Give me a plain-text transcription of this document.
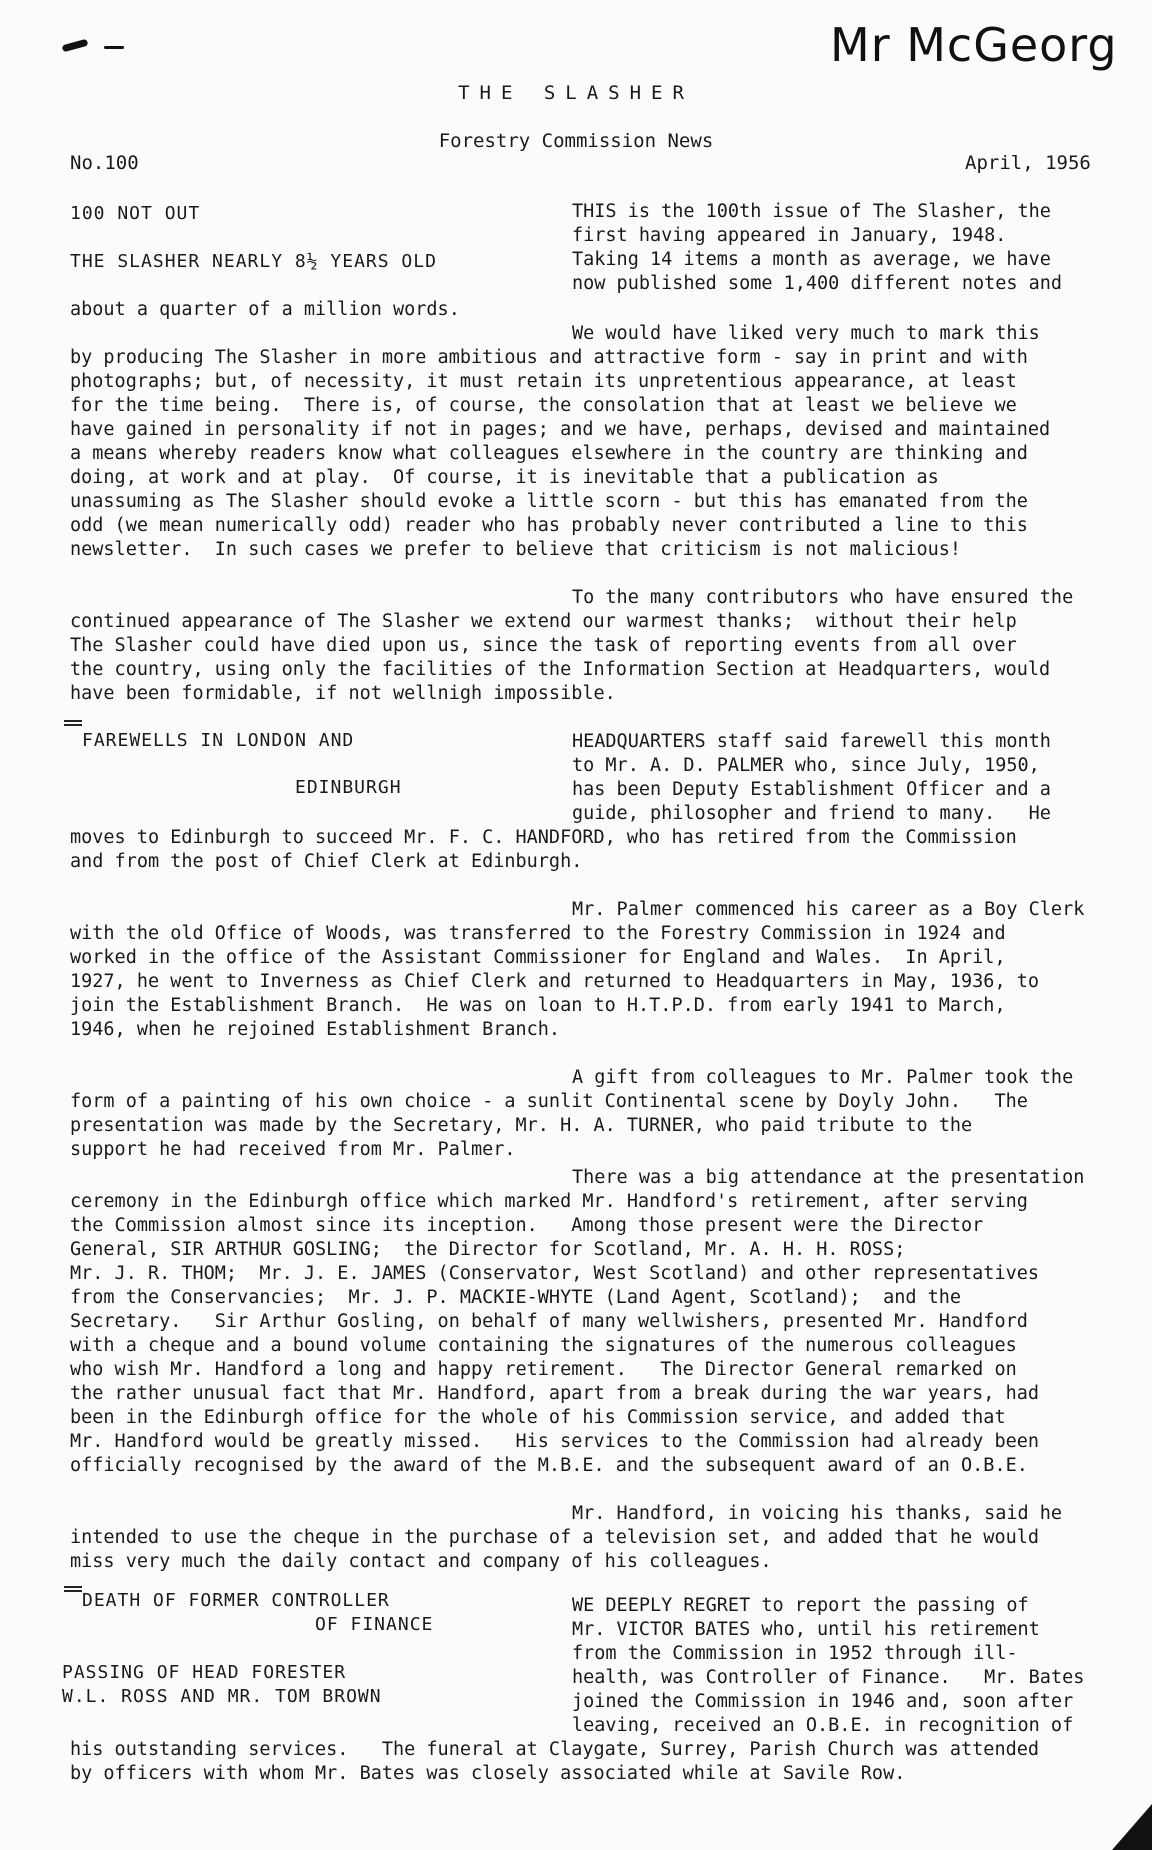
Mr McGeorg
THE SLASHER
Forestry Commission News
No.100	April, 1956
100 NOT OUT
THE SLASHER NEARLY 8½ YEARS OLD
FAREWELLS IN LONDON AND
EDINBURGH
DEATH OF FORMER CONTROLLER
OF FINANCE
PASSING OF HEAD FORESTER
W.L. ROSS AND MR. TOM BROWN
THIS is the 100th issue of The Slasher, the
first having appeared in January, 1948.
Taking 14 items a month as average, we have
now published some 1,400 different notes and
about a quarter of a million words.
We would have liked very much to mark this
by producing The Slasher in more ambitious and attractive form - say in print and with
photographs; but, of necessity, it must retain its unpretentious appearance, at least
for the time being.  There is, of course, the consolation that at least we believe we
have gained in personality if not in pages; and we have, perhaps, devised and maintained
a means whereby readers know what colleagues elsewhere in the country are thinking and
doing, at work and at play.  Of course, it is inevitable that a publication as
unassuming as The Slasher should evoke a little scorn - but this has emanated from the
odd (we mean numerically odd) reader who has probably never contributed a line to this
newsletter.  In such cases we prefer to believe that criticism is not malicious!
To the many contributors who have ensured the
continued appearance of The Slasher we extend our warmest thanks;  without their help
The Slasher could have died upon us, since the task of reporting events from all over
the country, using only the facilities of the Information Section at Headquarters, would
have been formidable, if not wellnigh impossible.
HEADQUARTERS staff said farewell this month
to Mr. A. D. PALMER who, since July, 1950,
has been Deputy Establishment Officer and a
guide, philosopher and friend to many.   He
moves to Edinburgh to succeed Mr. F. C. HANDFORD, who has retired from the Commission
and from the post of Chief Clerk at Edinburgh.
Mr. Palmer commenced his career as a Boy Clerk
with the old Office of Woods, was transferred to the Forestry Commission in 1924 and
worked in the office of the Assistant Commissioner for England and Wales.  In April,
1927, he went to Inverness as Chief Clerk and returned to Headquarters in May, 1936, to
join the Establishment Branch.  He was on loan to H.T.P.D. from early 1941 to March,
1946, when he rejoined Establishment Branch.
A gift from colleagues to Mr. Palmer took the
form of a painting of his own choice - a sunlit Continental scene by Doyly John.   The
presentation was made by the Secretary, Mr. H. A. TURNER, who paid tribute to the
support he had received from Mr. Palmer.
There was a big attendance at the presentation
ceremony in the Edinburgh office which marked Mr. Handford's retirement, after serving
the Commission almost since its inception.   Among those present were the Director
General, SIR ARTHUR GOSLING;  the Director for Scotland, Mr. A. H. H. ROSS;
Mr. J. R. THOM;  Mr. J. E. JAMES (Conservator, West Scotland) and other representatives
from the Conservancies;  Mr. J. P. MACKIE-WHYTE (Land Agent, Scotland);  and the
Secretary.   Sir Arthur Gosling, on behalf of many wellwishers, presented Mr. Handford
with a cheque and a bound volume containing the signatures of the numerous colleagues
who wish Mr. Handford a long and happy retirement.   The Director General remarked on
the rather unusual fact that Mr. Handford, apart from a break during the war years, had
been in the Edinburgh office for the whole of his Commission service, and added that
Mr. Handford would be greatly missed.   His services to the Commission had already been
officially recognised by the award of the M.B.E. and the subsequent award of an O.B.E.
Mr. Handford, in voicing his thanks, said he
intended to use the cheque in the purchase of a television set, and added that he would
miss very much the daily contact and company of his colleagues.
WE DEEPLY REGRET to report the passing of
Mr. VICTOR BATES who, until his retirement
from the Commission in 1952 through ill-
health, was Controller of Finance.   Mr. Bates
joined the Commission in 1946 and, soon after
leaving, received an O.B.E. in recognition of
his outstanding services.   The funeral at Claygate, Surrey, Parish Church was attended
by officers with whom Mr. Bates was closely associated while at Savile Row.
